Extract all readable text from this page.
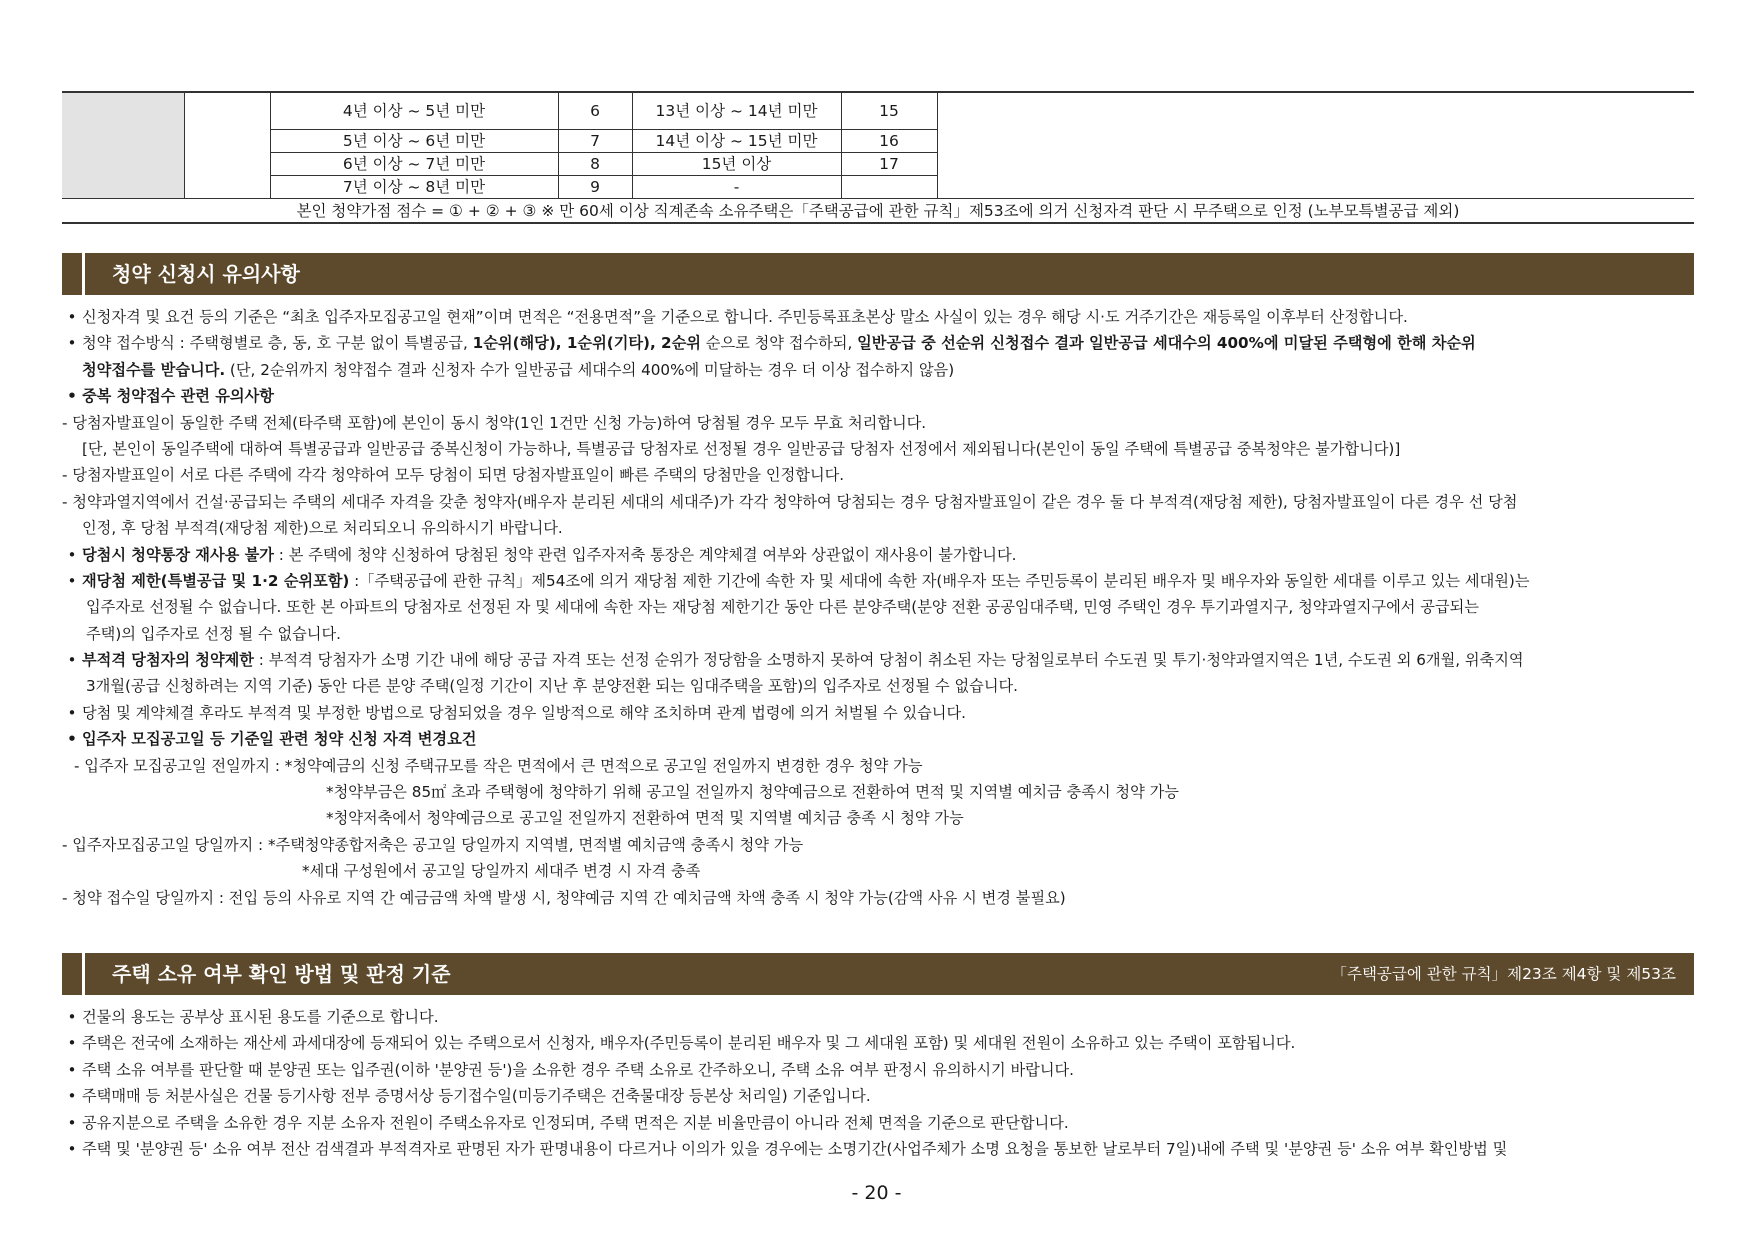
		4년 이상 ~ 5년 미만	6	13년 이상 ~ 14년 미만	15	
		5년 이상 ~ 6년 미만	7	14년 이상 ~ 15년 미만	16	
		6년 이상 ~ 7년 미만	8	15년 이상	17	
		7년 이상 ~ 8년 미만	9	-		
본인 청약가점 점수 = ① + ② + ③ ※ 만 60세 이상 직계존속 소유주택은「주택공급에 관한 규칙」제53조에 의거 신청자격 판단 시 무주택으로 인정 (노부모특별공급 제외)						
청약 신청시 유의사항
• 신청자격 및 요건 등의 기준은 “최초 입주자모집공고일 현재”이며 면적은 “전용면적”을 기준으로 합니다. 주민등록표초본상 말소 사실이 있는 경우 해당 시·도 거주기간은 재등록일 이후부터 산정합니다.
• 청약 접수방식 : 주택형별로 층, 동, 호 구분 없이 특별공급, 1순위(해당), 1순위(기타), 2순위 순으로 청약 접수하되, 일반공급 중 선순위 신청접수 결과 일반공급 세대수의 400%에 미달된 주택형에 한해 차순위
청약접수를 받습니다. (단, 2순위까지 청약접수 결과 신청자 수가 일반공급 세대수의 400%에 미달하는 경우 더 이상 접수하지 않음)
• 중복 청약접수 관련 유의사항
- 당첨자발표일이 동일한 주택 전체(타주택 포함)에 본인이 동시 청약(1인 1건만 신청 가능)하여 당첨될 경우 모두 무효 처리합니다.
[단, 본인이 동일주택에 대하여 특별공급과 일반공급 중복신청이 가능하나, 특별공급 당첨자로 선정될 경우 일반공급 당첨자 선정에서 제외됩니다(본인이 동일 주택에 특별공급 중복청약은 불가합니다)]
- 당첨자발표일이 서로 다른 주택에 각각 청약하여 모두 당첨이 되면 당첨자발표일이 빠른 주택의 당첨만을 인정합니다.
- 청약과열지역에서 건설·공급되는 주택의 세대주 자격을 갖춘 청약자(배우자 분리된 세대의 세대주)가 각각 청약하여 당첨되는 경우 당첨자발표일이 같은 경우 둘 다 부적격(재당첨 제한), 당첨자발표일이 다른 경우 선 당첨
인정, 후 당첨 부적격(재당첨 제한)으로 처리되오니 유의하시기 바랍니다.
• 당첨시 청약통장 재사용 불가 : 본 주택에 청약 신청하여 당첨된 청약 관련 입주자저축 통장은 계약체결 여부와 상관없이 재사용이 불가합니다.
• 재당첨 제한(특별공급 및 1·2 순위포함) :「주택공급에 관한 규칙」제54조에 의거 재당첨 제한 기간에 속한 자 및 세대에 속한 자(배우자 또는 주민등록이 분리된 배우자 및 배우자와 동일한 세대를 이루고 있는 세대원)는
입주자로 선정될 수 없습니다. 또한 본 아파트의 당첨자로 선정된 자 및 세대에 속한 자는 재당첨 제한기간 동안 다른 분양주택(분양 전환 공공임대주택, 민영 주택인 경우 투기과열지구, 청약과열지구에서 공급되는
주택)의 입주자로 선정 될 수 없습니다.
• 부적격 당첨자의 청약제한 : 부적격 당첨자가 소명 기간 내에 해당 공급 자격 또는 선정 순위가 정당함을 소명하지 못하여 당첨이 취소된 자는 당첨일로부터 수도권 및 투기·청약과열지역은 1년, 수도권 외 6개월, 위축지역
3개월(공급 신청하려는 지역 기준) 동안 다른 분양 주택(일정 기간이 지난 후 분양전환 되는 임대주택을 포함)의 입주자로 선정될 수 없습니다.
• 당첨 및 계약체결 후라도 부적격 및 부정한 방법으로 당첨되었을 경우 일방적으로 해약 조치하며 관계 법령에 의거 처벌될 수 있습니다.
• 입주자 모집공고일 등 기준일 관련 청약 신청 자격 변경요건
- 입주자 모집공고일 전일까지 : *청약예금의 신청 주택규모를 작은 면적에서 큰 면적으로 공고일 전일까지 변경한 경우 청약 가능
*청약부금은 85㎡ 초과 주택형에 청약하기 위해 공고일 전일까지 청약예금으로 전환하여 면적 및 지역별 예치금 충족시 청약 가능
*청약저축에서 청약예금으로 공고일 전일까지 전환하여 면적 및 지역별 예치금 충족 시 청약 가능
- 입주자모집공고일 당일까지 : *주택청약종합저축은 공고일 당일까지 지역별, 면적별 예치금액 충족시 청약 가능
*세대 구성원에서 공고일 당일까지 세대주 변경 시 자격 충족
- 청약 접수일 당일까지 : 전입 등의 사유로 지역 간 예금금액 차액 발생 시, 청약예금 지역 간 예치금액 차액 충족 시 청약 가능(감액 사유 시 변경 불필요)
주택 소유 여부 확인 방법 및 판정 기준	「주택공급에 관한 규칙」제23조 제4항 및 제53조
• 건물의 용도는 공부상 표시된 용도를 기준으로 합니다.
• 주택은 전국에 소재하는 재산세 과세대장에 등재되어 있는 주택으로서 신청자, 배우자(주민등록이 분리된 배우자 및 그 세대원 포함) 및 세대원 전원이 소유하고 있는 주택이 포함됩니다.
• 주택 소유 여부를 판단할 때 분양권 또는 입주권(이하 '분양권 등')을 소유한 경우 주택 소유로 간주하오니, 주택 소유 여부 판정시 유의하시기 바랍니다.
• 주택매매 등 처분사실은 건물 등기사항 전부 증명서상 등기접수일(미등기주택은 건축물대장 등본상 처리일) 기준입니다.
• 공유지분으로 주택을 소유한 경우 지분 소유자 전원이 주택소유자로 인정되며, 주택 면적은 지분 비율만큼이 아니라 전체 면적을 기준으로 판단합니다.
• 주택 및 '분양권 등' 소유 여부 전산 검색결과 부적격자로 판명된 자가 판명내용이 다르거나 이의가 있을 경우에는 소명기간(사업주체가 소명 요청을 통보한 날로부터 7일)내에 주택 및 '분양권 등' 소유 여부 확인방법 및
- 20 -
